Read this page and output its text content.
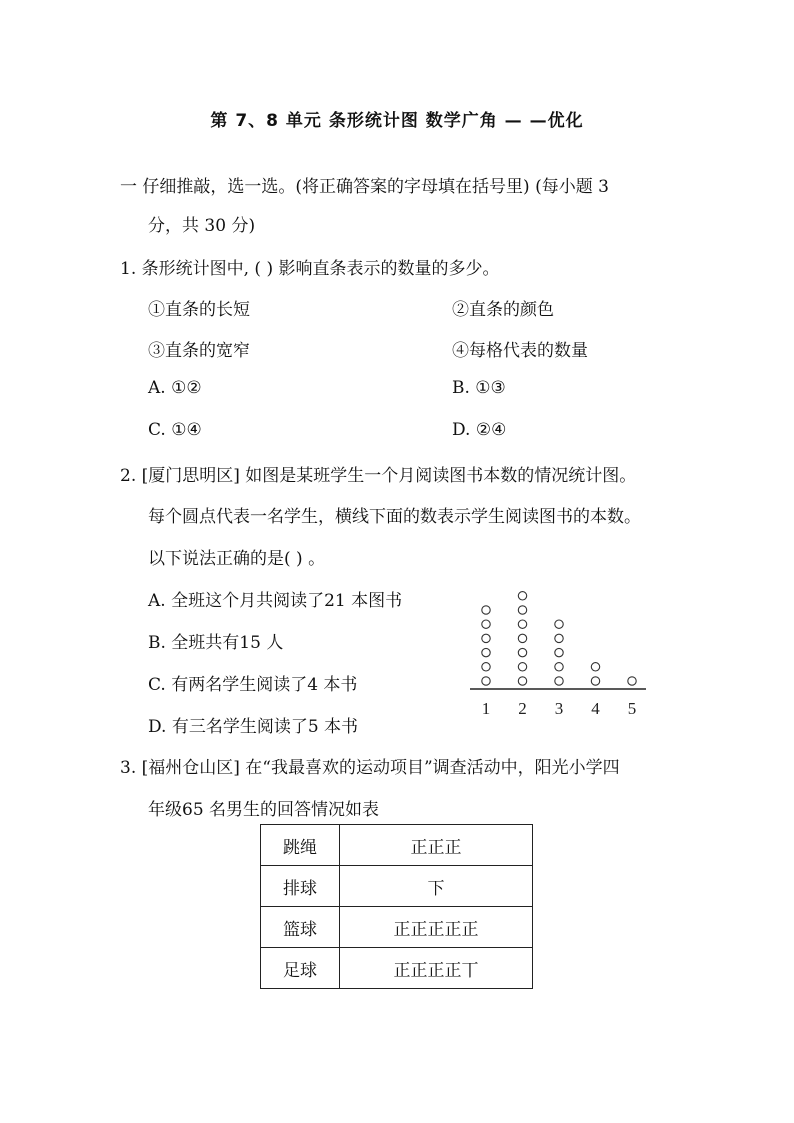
第 7、8 单元 条形统计图 数学广角 — —优化
一 仔细推敲，选一选。(将正确答案的字母填在括号里) (每小题 3
分，共 30 分)
1. 条形统计图中, ( ) 影响直条表示的数量的多少。
①直条的长短	②直条的颜色
③直条的宽窄	④每格代表的数量
A. ①②	B. ①③
C. ①④	D. ②④
2. [厦门思明区] 如图是某班学生一个月阅读图书本数的情况统计图。
每个圆点代表一名学生，横线下面的数表示学生阅读图书的本数。
以下说法正确的是( ) 。
A. 全班这个月共阅读了21 本图书
B. 全班共有15 人
C. 有两名学生阅读了4 本书
D. 有三名学生阅读了5 本书
1 2 3 4 5
3. [福州仓山区] 在“我最喜欢的运动项目”调查活动中，阳光小学四
年级65 名男生的回答情况如表
跳绳	正正正
排球	下
篮球	正正正正正
足球	正正正正丅
